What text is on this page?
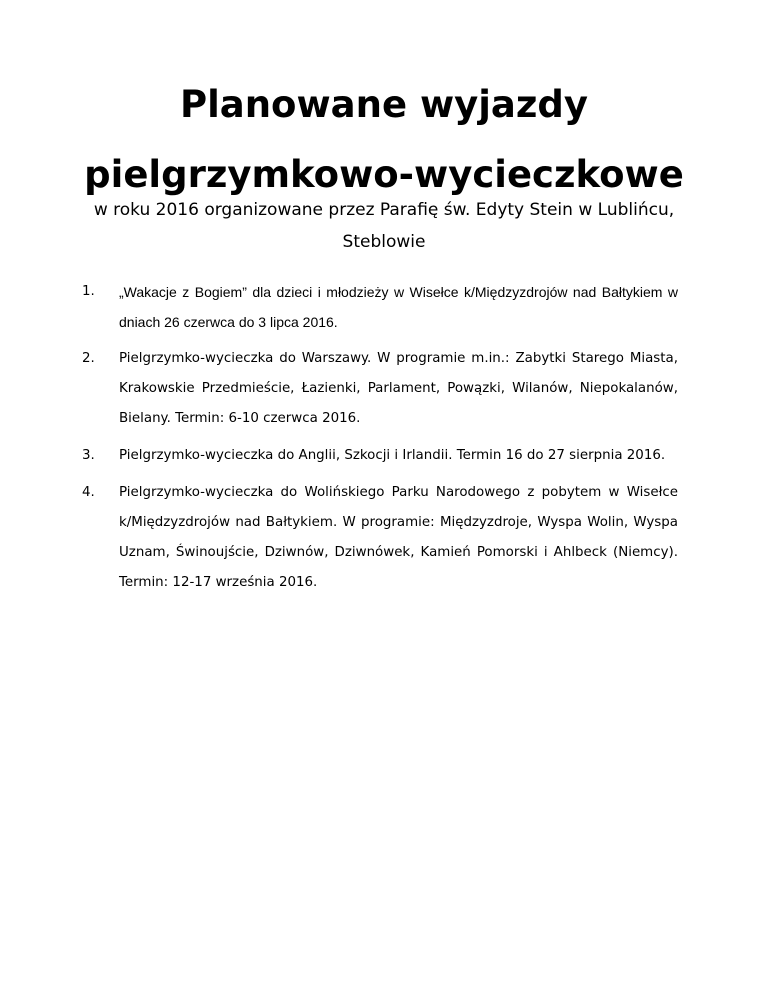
Planowane wyjazdy
pielgrzymkowo-wycieczkowe

w roku 2016 organizowane przez Parafię św. Edyty Stein w Lublińcu, Steblowie

1. „Wakacje z Bogiem” dla dzieci i młodzieży w Wisełce k/Międzyzdrojów nad Bałtykiem w dniach 26 czerwca do 3 lipca 2016.
2. Pielgrzymko-wycieczka do Warszawy. W programie m.in.: Zabytki Starego Miasta, Krakowskie Przedmieście, Łazienki, Parlament, Powązki, Wilanów, Niepokalanów, Bielany. Termin: 6-10 czerwca 2016.
3. Pielgrzymko-wycieczka do Anglii, Szkocji i Irlandii. Termin 16 do 27 sierpnia 2016.
4. Pielgrzymko-wycieczka do Wolińskiego Parku Narodowego z pobytem w Wisełce k/Międzyzdrojów nad Bałtykiem. W programie: Międzyzdroje, Wyspa Wolin, Wyspa Uznam, Świnoujście, Dziwnów, Dziwnówek, Kamień Pomorski i Ahlbeck (Niemcy). Termin: 12-17 września 2016.
